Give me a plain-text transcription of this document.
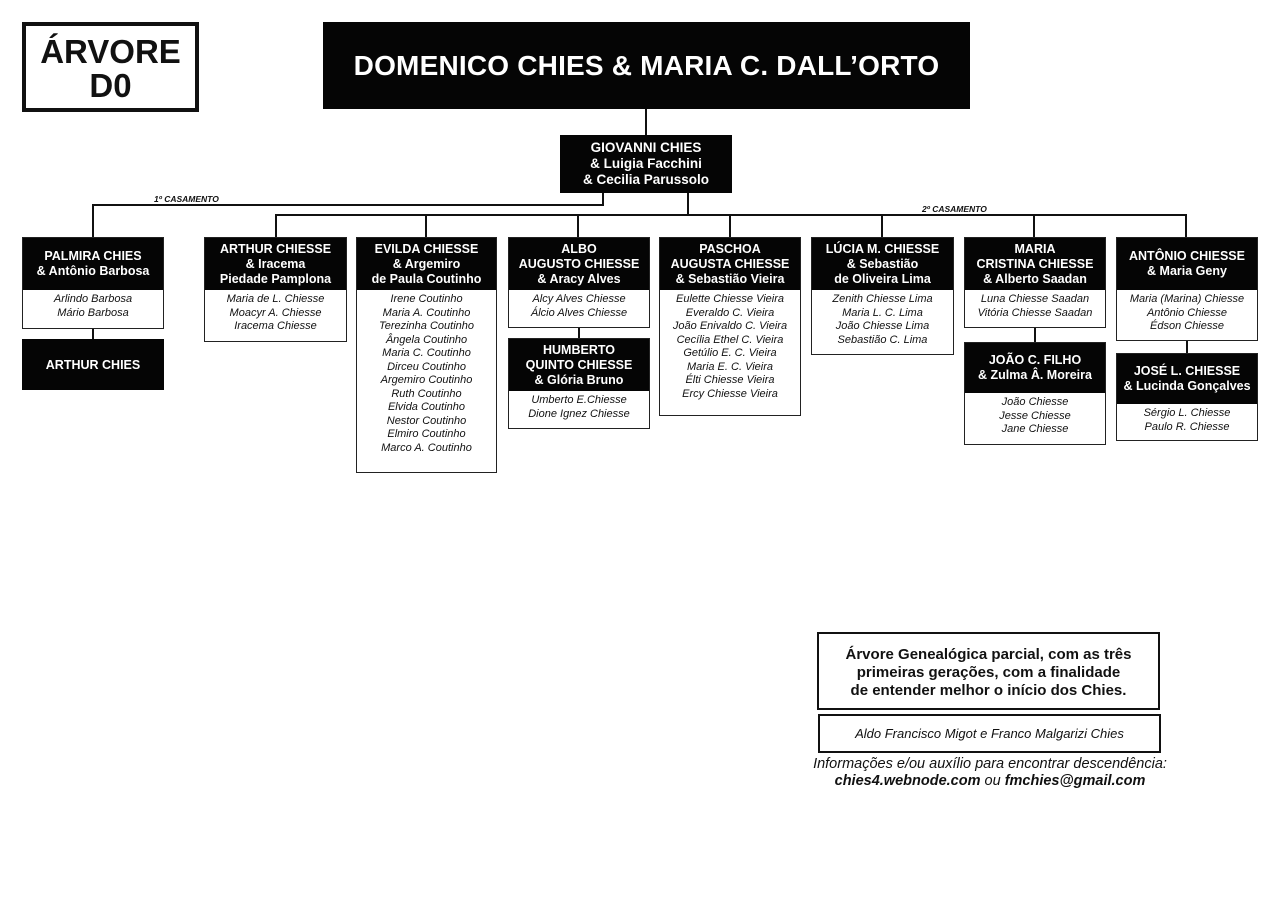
ÁRVORE
D0
DOMENICO CHIES & MARIA C. DALL’ORTO
GIOVANNI CHIES
& Luigia Facchini
& Cecilia Parussolo
1º CASAMENTO
2º CASAMENTO
PALMIRA CHIES
& Antônio Barbosa
Arlindo Barbosa
Mário Barbosa
ARTHUR CHIES
ARTHUR CHIESSE
& Iracema
Piedade Pamplona
Maria de L. Chiesse
Moacyr A. Chiesse
Iracema Chiesse
EVILDA CHIESSE
& Argemiro
de Paula Coutinho
Irene Coutinho
Maria A. Coutinho
Terezinha Coutinho
Ângela Coutinho
Maria C. Coutinho
Dirceu Coutinho
Argemiro Coutinho
Ruth Coutinho
Elvida Coutinho
Nestor Coutinho
Elmiro Coutinho
Marco A. Coutinho
ALBO
AUGUSTO CHIESSE
& Aracy Alves
Alcy Alves Chiesse
Álcio Alves Chiesse
HUMBERTO
QUINTO CHIESSE
& Glória Bruno
Umberto E.Chiesse
Dione Ignez Chiesse
PASCHOA
AUGUSTA CHIESSE
& Sebastião Vieira
Eulette Chiesse Vieira
Everaldo C. Vieira
João Enivaldo C. Vieira
Cecília Ethel C. Vieira
Getúlio E. C. Vieira
Maria E. C. Vieira
Élti Chiesse Vieira
Ercy Chiesse Vieira
LÚCIA M. CHIESSE
& Sebastião
de Oliveira Lima
Zenith Chiesse Lima
Maria L. C. Lima
João Chiesse Lima
Sebastião C. Lima
MARIA
CRISTINA CHIESSE
& Alberto Saadan
Luna Chiesse Saadan
Vitória Chiesse Saadan
JOÃO C. FILHO
& Zulma Â. Moreira
João Chiesse
Jesse Chiesse
Jane Chiesse
ANTÔNIO CHIESSE
& Maria Geny
Maria (Marina) Chiesse
Antônio Chiesse
Édson Chiesse
JOSÉ L. CHIESSE
& Lucinda Gonçalves
Sérgio L. Chiesse
Paulo R. Chiesse
Árvore Genealógica parcial, com as três
primeiras gerações, com a finalidade
de entender melhor o início dos Chies.
Aldo Francisco Migot e Franco Malgarizi Chies
Informações e/ou auxílio para encontrar descendência:
chies4.webnode.com ou fmchies@gmail.com
